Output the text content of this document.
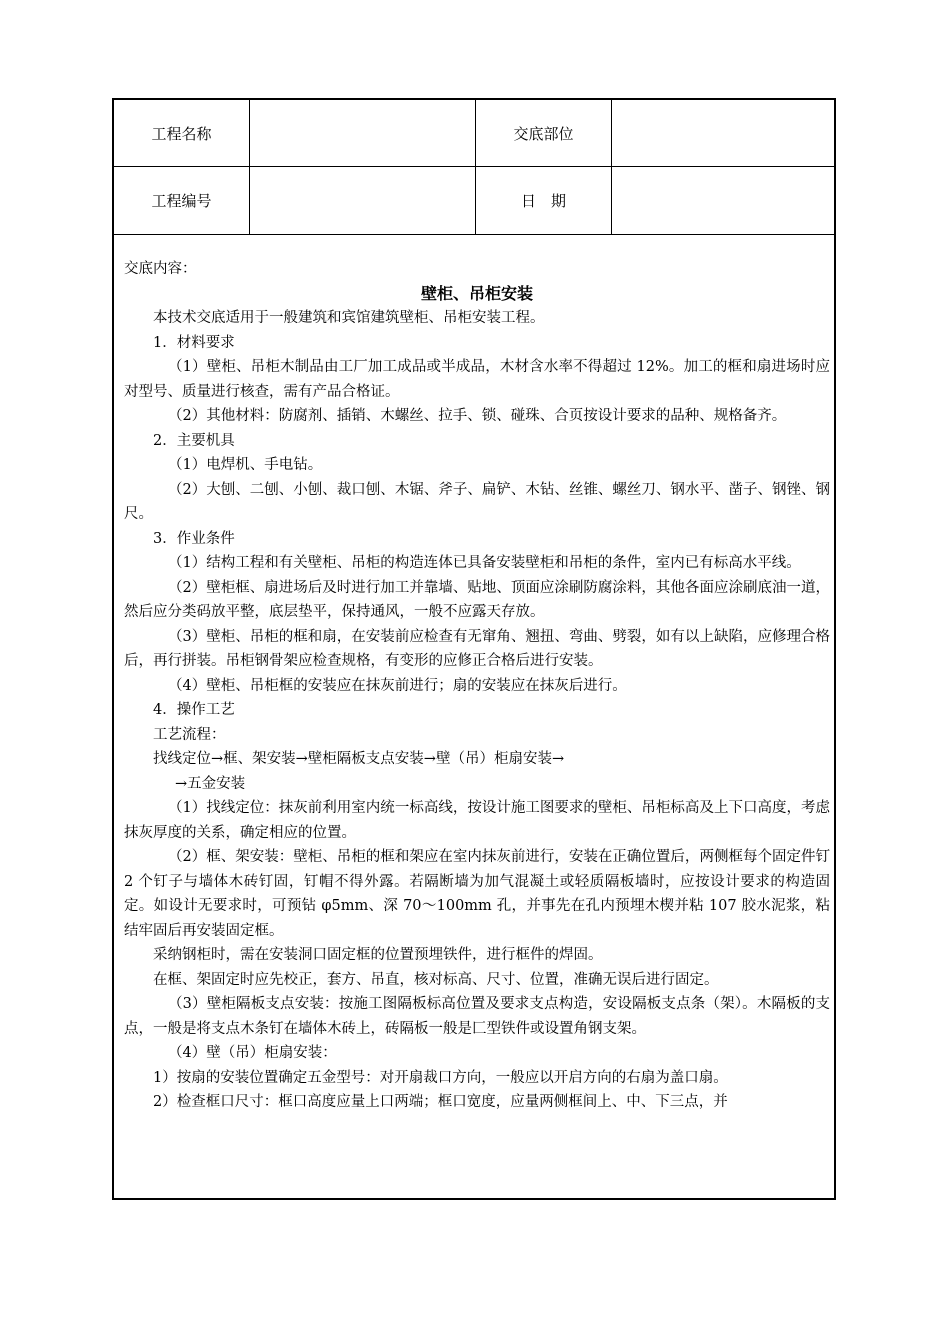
工程名称	交底部位
工程编号	日　期

交底内容：

壁柜、吊柜安装

本技术交底适用于一般建筑和宾馆建筑壁柜、吊柜安装工程。

1．材料要求

（1）壁柜、吊柜木制品由工厂加工成品或半成品，木材含水率不得超过 12%。加工的框和扇进场时应对型号、质量进行核查，需有产品合格证。

（2）其他材料：防腐剂、插销、木螺丝、拉手、锁、碰珠、合页按设计要求的品种、规格备齐。

2．主要机具

（1）电焊机、手电钻。

（2）大刨、二刨、小刨、裁口刨、木锯、斧子、扁铲、木钻、丝锥、螺丝刀、钢水平、凿子、钢锉、钢尺。

3．作业条件

（1）结构工程和有关壁柜、吊柜的构造连体已具备安装壁柜和吊柜的条件，室内已有标高水平线。

（2）壁柜框、扇进场后及时进行加工并靠墙、贴地、顶面应涂刷防腐涂料，其他各面应涂刷底油一道，然后应分类码放平整，底层垫平，保持通风，一般不应露天存放。

（3）壁柜、吊柜的框和扇，在安装前应检查有无窜角、翘扭、弯曲、劈裂，如有以上缺陷，应修理合格后，再行拼装。吊柜钢骨架应检查规格，有变形的应修正合格后进行安装。

（4）壁柜、吊柜框的安装应在抹灰前进行；扇的安装应在抹灰后进行。

4．操作工艺

工艺流程：

找线定位→框、架安装→壁柜隔板支点安装→壁（吊）柜扇安装→

→五金安装

（1）找线定位：抹灰前利用室内统一标高线，按设计施工图要求的壁柜、吊柜标高及上下口高度，考虑抹灰厚度的关系，确定相应的位置。

（2）框、架安装：壁柜、吊柜的框和架应在室内抹灰前进行，安装在正确位置后，两侧框每个固定件钉 2 个钉子与墙体木砖钉固，钉帽不得外露。若隔断墙为加气混凝土或轻质隔板墙时，应按设计要求的构造固定。如设计无要求时，可预钻 φ5mm、深 70～100mm 孔，并事先在孔内预埋木楔并粘 107 胶水泥浆，粘结牢固后再安装固定框。

采纳钢柜时，需在安装洞口固定框的位置预埋铁件，进行框件的焊固。

在框、架固定时应先校正，套方、吊直，核对标高、尺寸、位置，准确无误后进行固定。

（3）壁柜隔板支点安装：按施工图隔板标高位置及要求支点构造，安设隔板支点条（架）。木隔板的支点，一般是将支点木条钉在墙体木砖上，砖隔板一般是匚型铁件或设置角钢支架。

（4）壁（吊）柜扇安装：

1）按扇的安装位置确定五金型号：对开扇裁口方向，一般应以开启方向的右扇为盖口扇。

2）检查框口尺寸：框口高度应量上口两端；框口宽度，应量两侧框间上、中、下三点，并
